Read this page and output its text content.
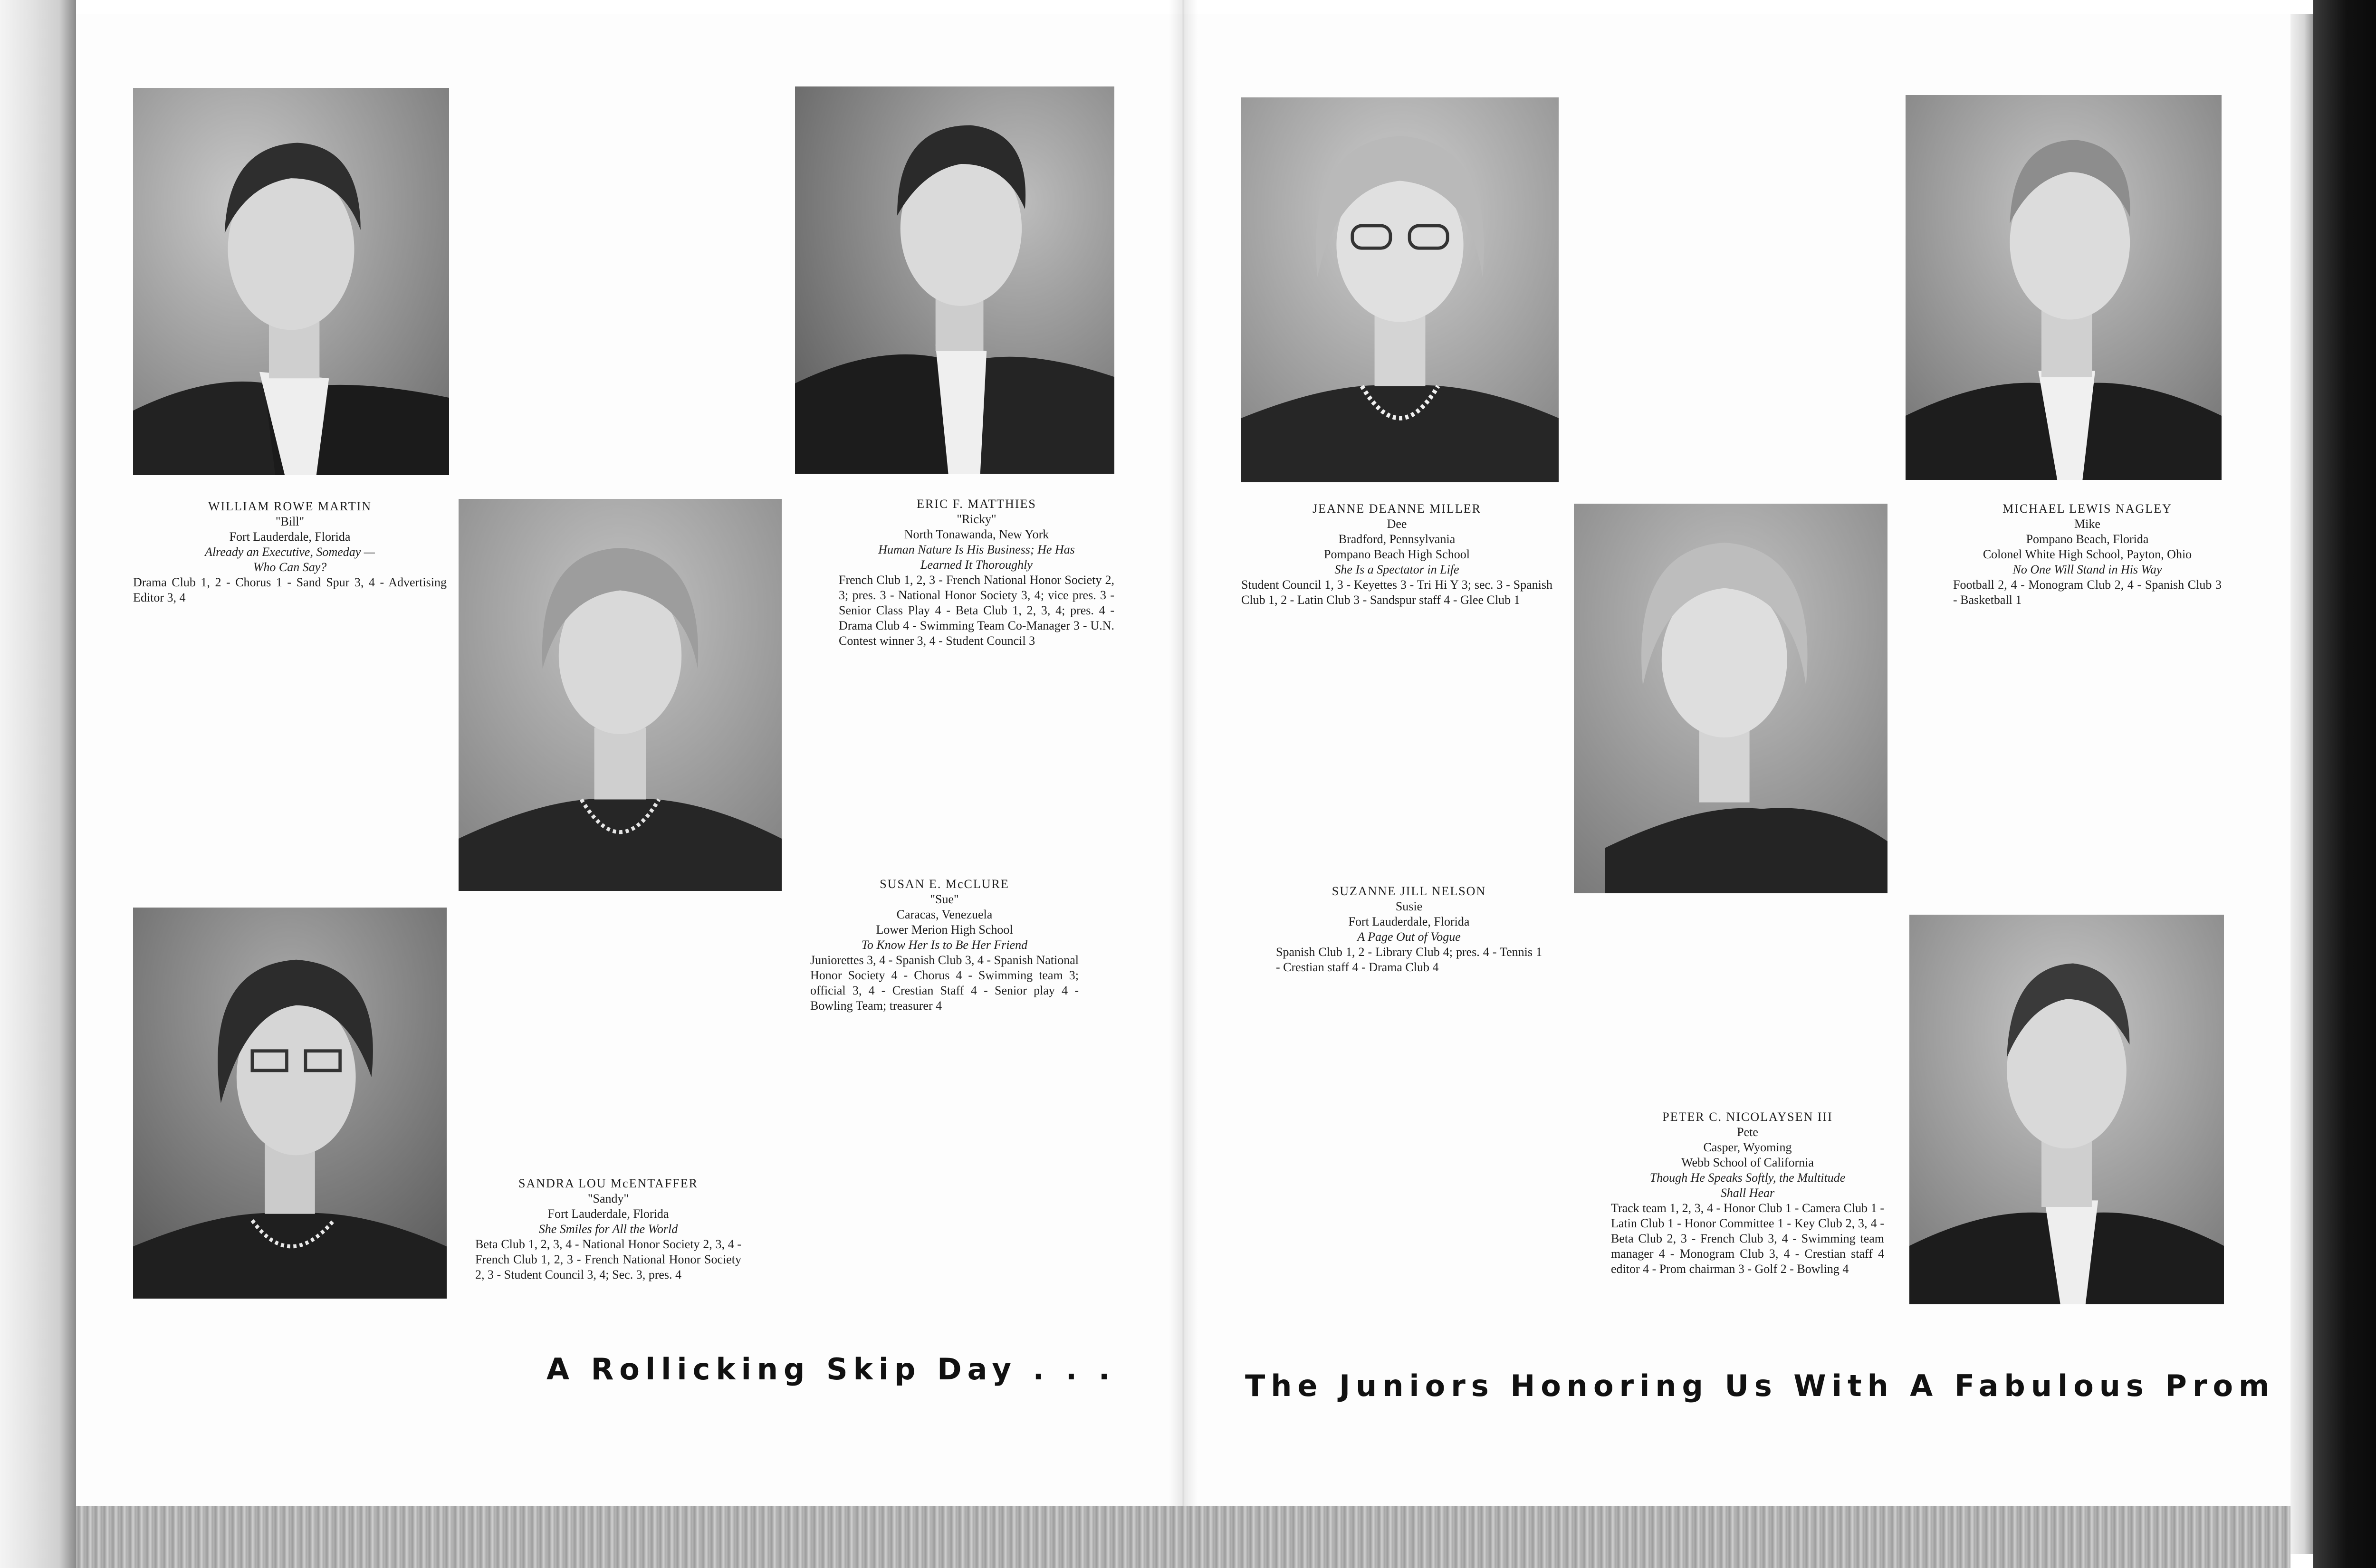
WILLIAM ROWE MARTIN
"Bill"
Fort Lauderdale, Florida
Already an Executive, Someday —
Who Can Say?
Drama Club 1, 2 - Chorus 1 - Sand Spur 3, 4 - Advertising Editor 3, 4
ERIC F. MATTHIES
"Ricky"
North Tonawanda, New York
Human Nature Is His Business; He Has
Learned It Thoroughly
French Club 1, 2, 3 - French National Honor Society 2, 3; pres. 3 - National Honor Society 3, 4; vice pres. 3 - Senior Class Play 4 - Beta Club 1, 2, 3, 4; pres. 4 - Drama Club 4 - Swimming Team Co-Manager 3 - U.N. Contest winner 3, 4 - Student Council 3
SUSAN E. McCLURE
"Sue"
Caracas, Venezuela
Lower Merion High School
To Know Her Is to Be Her Friend
Juniorettes 3, 4 - Spanish Club 3, 4 - Spanish National Honor Society 4 - Chorus 4 - Swimming team 3; official 3, 4 - Crestian Staff 4 - Senior play 4 - Bowling Team; treasurer 4
SANDRA LOU McENTAFFER
"Sandy"
Fort Lauderdale, Florida
She Smiles for All the World
Beta Club 1, 2, 3, 4 - National Honor Society 2, 3, 4 - French Club 1, 2, 3 - French National Honor Society 2, 3 - Student Council 3, 4; Sec. 3, pres. 4
A Rollicking Skip Day . . .
JEANNE DEANNE MILLER
Dee
Bradford, Pennsylvania
Pompano Beach High School
She Is a Spectator in Life
Student Council 1, 3 - Keyettes 3 - Tri Hi Y 3; sec. 3 - Spanish Club 1, 2 - Latin Club 3 - Sandspur staff 4 - Glee Club 1
MICHAEL LEWIS NAGLEY
Mike
Pompano Beach, Florida
Colonel White High School, Payton, Ohio
No One Will Stand in His Way
Football 2, 4 - Monogram Club 2, 4 - Spanish Club 3 - Basketball 1
SUZANNE JILL NELSON
Susie
Fort Lauderdale, Florida
A Page Out of Vogue
Spanish Club 1, 2 - Library Club 4; pres. 4 - Tennis 1 - Crestian staff 4 - Drama Club 4
PETER C. NICOLAYSEN III
Pete
Casper, Wyoming
Webb School of California
Though He Speaks Softly, the Multitude
Shall Hear
Track team 1, 2, 3, 4 - Honor Club 1 - Camera Club 1 - Latin Club 1 - Honor Committee 1 - Key Club 2, 3, 4 - Beta Club 2, 3 - French Club 3, 4 - Swimming team manager 4 - Monogram Club 3, 4 - Crestian staff 4 editor 4 - Prom chairman 3 - Golf 2 - Bowling 4
The Juniors Honoring Us With A Fabulous Prom
